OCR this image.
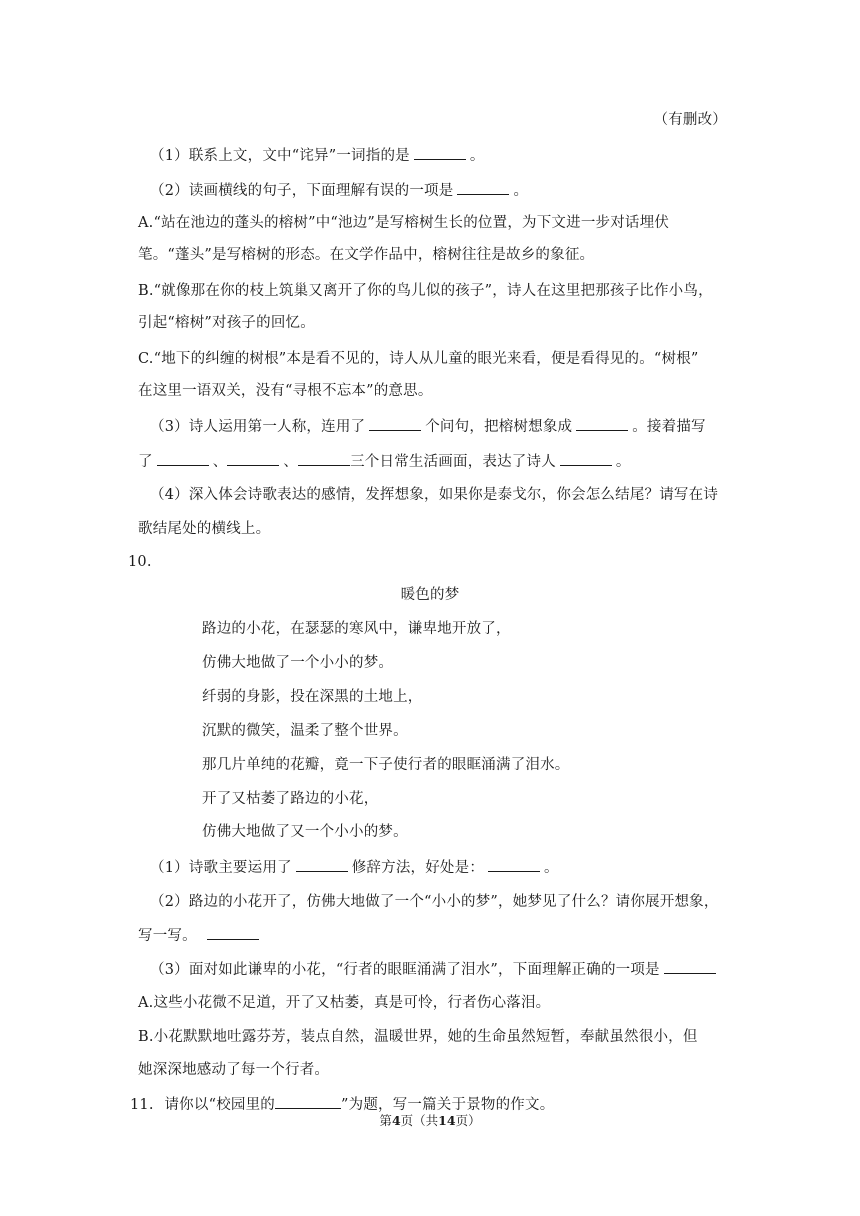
（有删改）
（1）联系上文，文中“诧异”一词指的是	。
（2）读画横线的句子，下面理解有误的一项是	。
A.“站在池边的蓬头的榕树”中“池边”是写榕树生长的位置，为下文进一步对话埋伏
笔。“蓬头”是写榕树的形态。在文学作品中，榕树往往是故乡的象征。
B.“就像那在你的枝上筑巢又离开了你的鸟儿似的孩子”，诗人在这里把那孩子比作小鸟，
引起“榕树”对孩子的回忆。
C.“地下的纠缠的树根”本是看不见的，诗人从儿童的眼光来看，便是看得见的。“树根”
在这里一语双关，没有“寻根不忘本”的意思。
（3）诗人运用第一人称，连用了	个问句，把榕树想象成	。接着描写
了	、	、	三个日常生活画面，表达了诗人	。
（4）深入体会诗歌表达的感情，发挥想象，如果你是泰戈尔，你会怎么结尾？请写在诗
歌结尾处的横线上。
10.
暖色的梦
路边的小花，在瑟瑟的寒风中，谦卑地开放了，
仿佛大地做了一个小小的梦。
纤弱的身影，投在深黑的土地上，
沉默的微笑，温柔了整个世界。
那几片单纯的花瓣，竟一下子使行者的眼眶涌满了泪水。
开了又枯萎了路边的小花，
仿佛大地做了又一个小小的梦。
（1）诗歌主要运用了	修辞方法，好处是：	。
（2）路边的小花开了，仿佛大地做了一个“小小的梦”，她梦见了什么？请你展开想象，
写一写。
（3）面对如此谦卑的小花，“行者的眼眶涌满了泪水”，下面理解正确的一项是
A.这些小花微不足道，开了又枯萎，真是可怜，行者伤心落泪。
B.小花默默地吐露芬芳，装点自然，温暖世界，她的生命虽然短暂，奉献虽然很小，但
她深深地感动了每一个行者。
11. 请你以“校园里的	”为题，写一篇关于景物的作文。
第4页（共14页）
